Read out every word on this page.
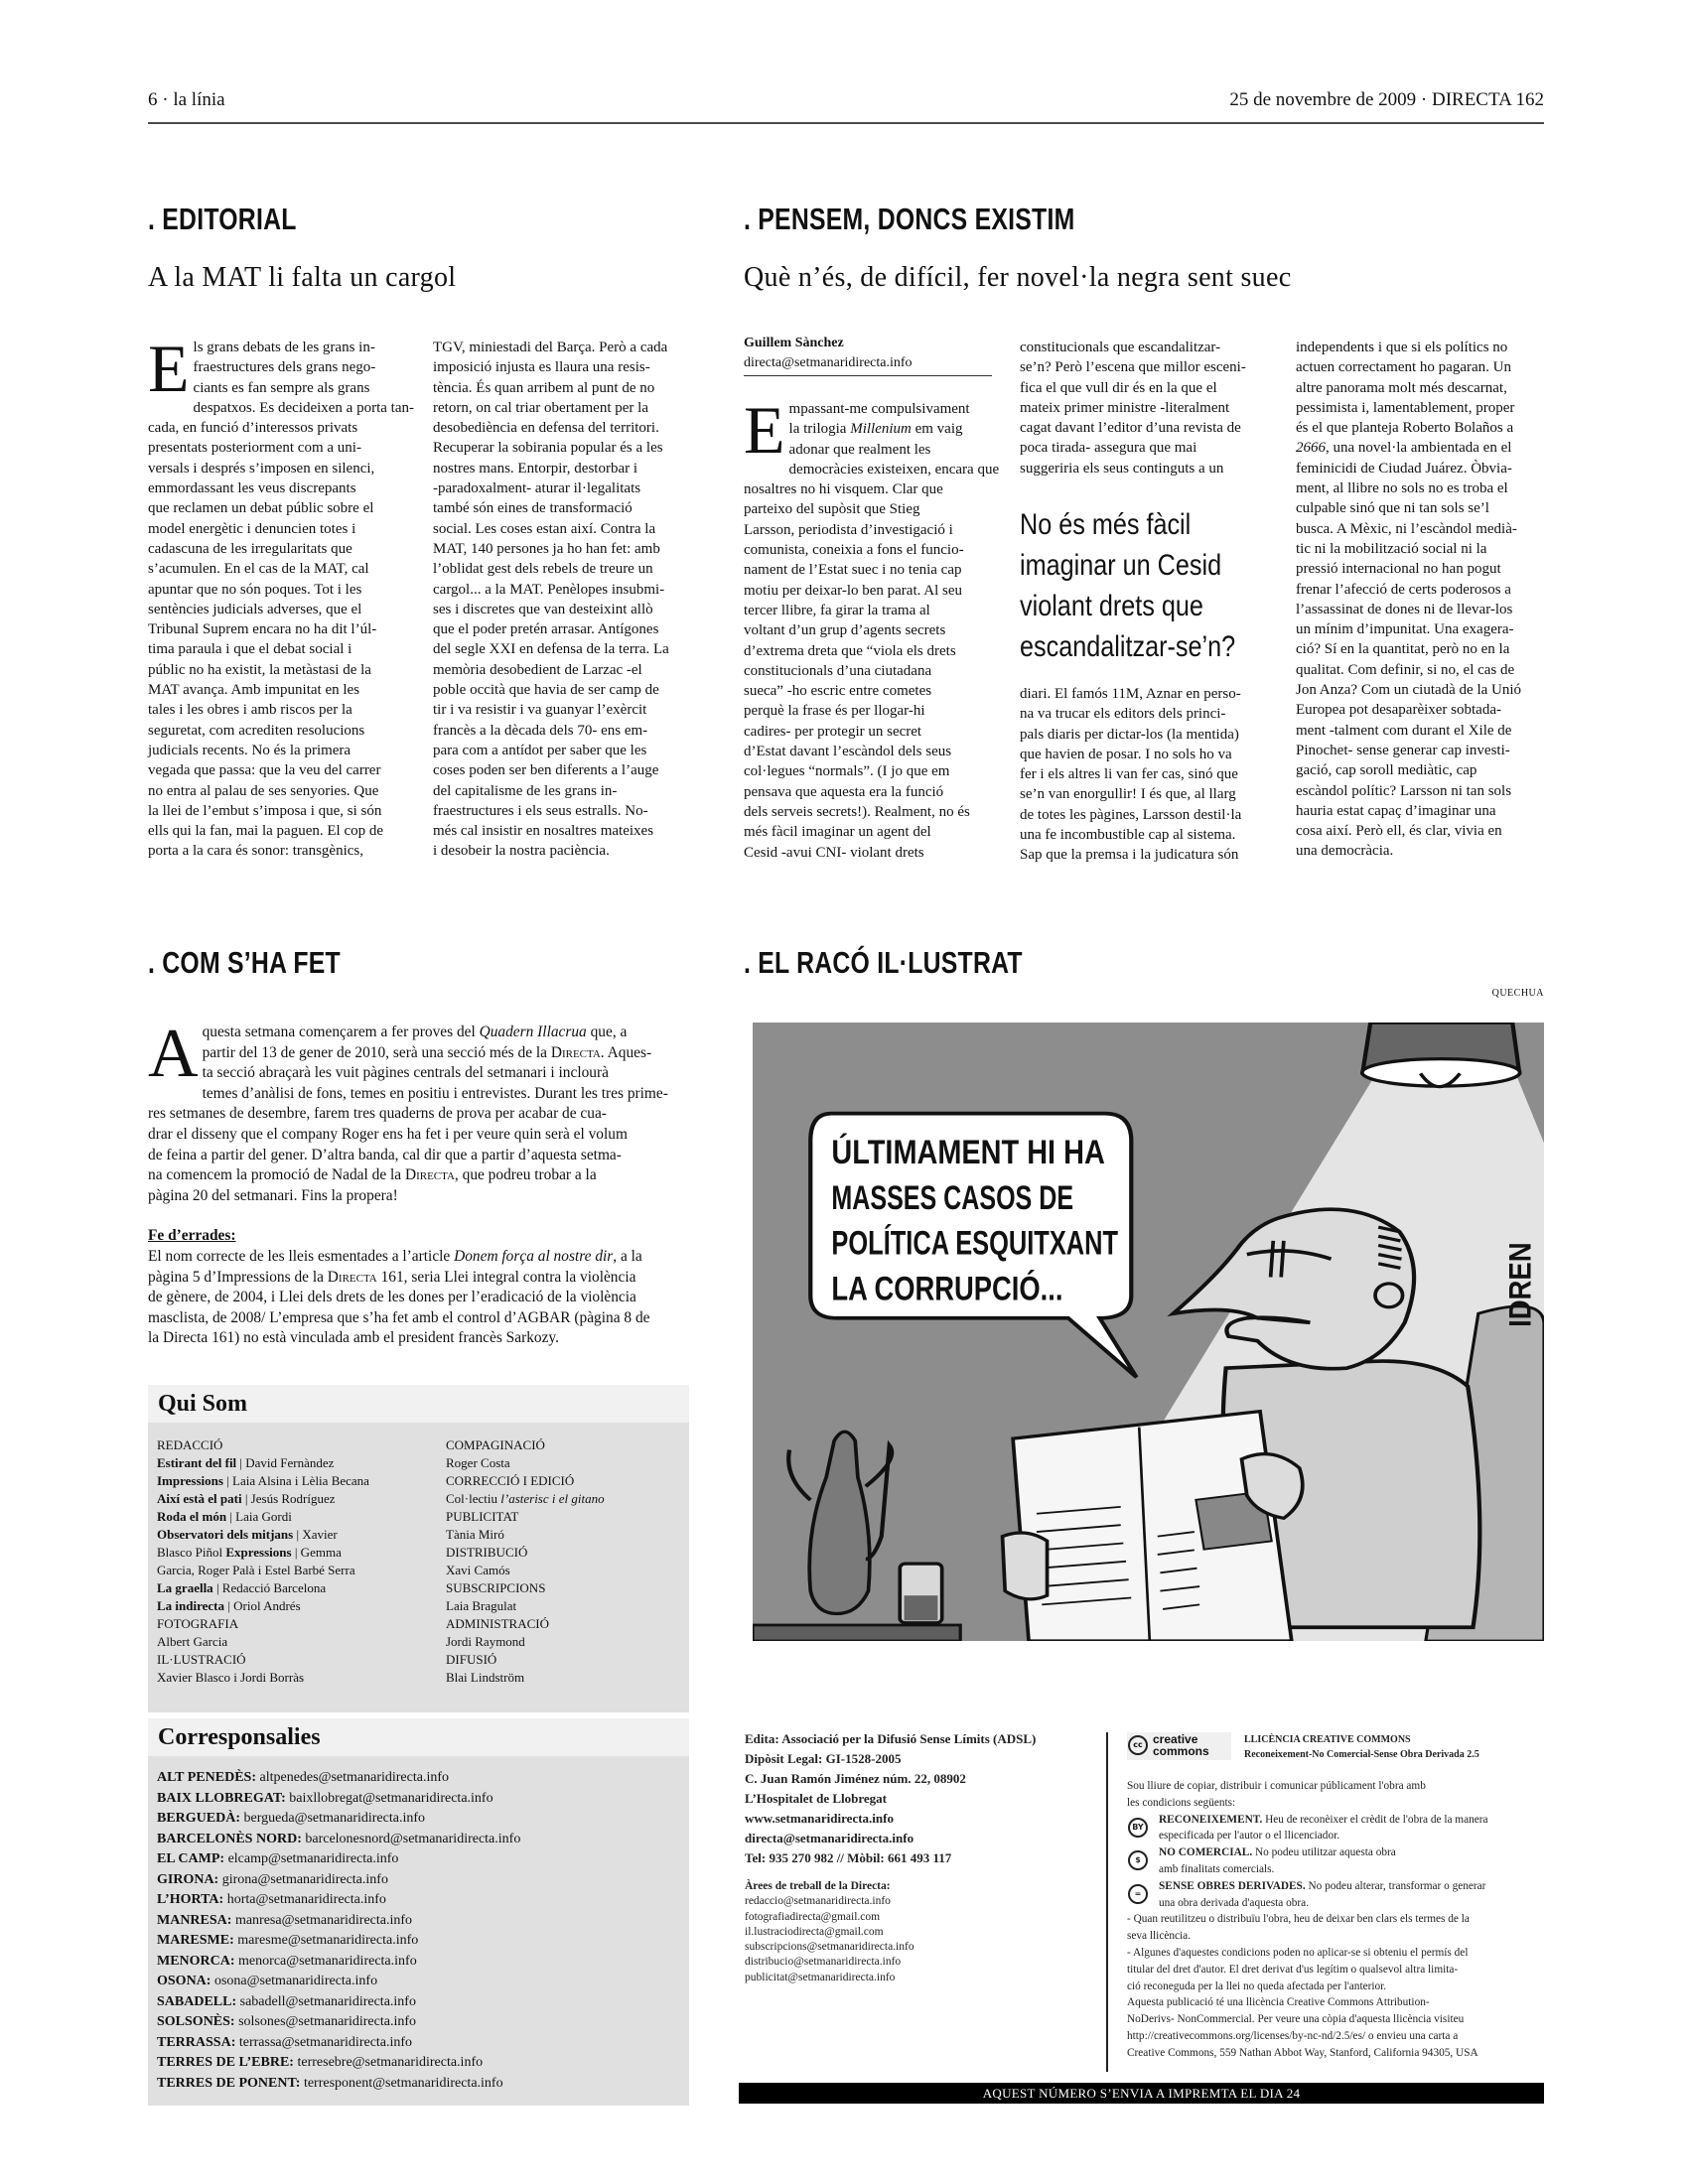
6 · la línia	25 de novembre de 2009 · DIRECTA 162
. EDITORIAL
A la MAT li falta un cargol
E ls grans debats de les grans in-
fraestructures dels grans nego-
ciants es fan sempre als grans
despatxos. Es decideixen a porta tan-
cada, en funció d’interessos privats
presentats posteriorment com a uni-
versals i després s’imposen en silenci,
emmordassant les veus discrepants
que reclamen un debat públic sobre el
model energètic i denuncien totes i
cadascuna de les irregularitats que
s’acumulen. En el cas de la MAT, cal
apuntar que no són poques. Tot i les
sentències judicials adverses, que el
Tribunal Suprem encara no ha dit l’úl-
tima paraula i que el debat social i
públic no ha existit, la metàstasi de la
MAT avança. Amb impunitat en les
tales i les obres i amb riscos per la
seguretat, com acrediten resolucions
judicials recents. No és la primera
vegada que passa: que la veu del carrer
no entra al palau de ses senyories. Que
la llei de l’embut s’imposa i que, si són
ells qui la fan, mai la paguen. El cop de
porta a la cara és sonor: transgènics,
TGV, miniestadi del Barça. Però a cada
imposició injusta es llaura una resis-
tència. És quan arribem al punt de no
retorn, on cal triar obertament per la
desobediència en defensa del territori.
Recuperar la sobirania popular és a les
nostres mans. Entorpir, destorbar i
-paradoxalment- aturar il·legalitats
també són eines de transformació
social. Les coses estan així. Contra la
MAT, 140 persones ja ho han fet: amb
l’oblidat gest dels rebels de treure un
cargol... a la MAT. Penèlopes insubmi-
ses i discretes que van desteixint allò
que el poder pretén arrasar. Antígones
del segle XXI en defensa de la terra. La
memòria desobedient de Larzac -el
poble occità que havia de ser camp de
tir i va resistir i va guanyar l’exèrcit
francès a la dècada dels 70- ens em-
para com a antídot per saber que les
coses poden ser ben diferents a l’auge
del capitalisme de les grans in-
fraestructures i els seus estralls. No-
més cal insistir en nosaltres mateixes
i desobeir la nostra paciència.
. PENSEM, DONCS EXISTIM
Què n’és, de difícil, fer novel·la negra sent suec
Guillem Sànchez
directa@setmanaridirecta.info
E mpassant-me compulsivament
la trilogia Millenium em vaig
adonar que realment les
democràcies existeixen, encara que
nosaltres no hi visquem. Clar que
parteixo del supòsit que Stieg
Larsson, periodista d’investigació i
comunista, coneixia a fons el funcio-
nament de l’Estat suec i no tenia cap
motiu per deixar-lo ben parat. Al seu
tercer llibre, fa girar la trama al
voltant d’un grup d’agents secrets
d’extrema dreta que “viola els drets
constitucionals d’una ciutadana
sueca” -ho escric entre cometes
perquè la frase és per llogar-hi
cadires- per protegir un secret
d’Estat davant l’escàndol dels seus
col·legues “normals”. (I jo que em
pensava que aquesta era la funció
dels serveis secrets!). Realment, no és
més fàcil imaginar un agent del
Cesid -avui CNI- violant drets
constitucionals que escandalitzar-
se’n? Però l’escena que millor esceni-
fica el que vull dir és en la que el
mateix primer ministre -literalment
cagat davant l’editor d’una revista de
poca tirada- assegura que mai
suggeriria els seus continguts a un
No és més fàcil
imaginar un Cesid
violant drets que
escandalitzar-se’n?
diari. El famós 11M, Aznar en perso-
na va trucar els editors dels princi-
pals diaris per dictar-los (la mentida)
que havien de posar. I no sols ho va
fer i els altres li van fer cas, sinó que
se’n van enorgullir! I és que, al llarg
de totes les pàgines, Larsson destil·la
una fe incombustible cap al sistema.
Sap que la premsa i la judicatura són
independents i que si els polítics no
actuen correctament ho pagaran. Un
altre panorama molt més descarnat,
pessimista i, lamentablement, proper
és el que planteja Roberto Bolaños a
2666, una novel·la ambientada en el
feminicidi de Ciudad Juárez. Òbvia-
ment, al llibre no sols no es troba el
culpable sinó que ni tan sols se’l
busca. A Mèxic, ni l’escàndol medià-
tic ni la mobilització social ni la
pressió internacional no han pogut
frenar l’afecció de certs poderosos a
l’assassinat de dones ni de llevar-los
un mínim d’impunitat. Una exagera-
ció? Sí en la quantitat, però no en la
qualitat. Com definir, si no, el cas de
Jon Anza? Com un ciutadà de la Unió
Europea pot desaparèixer sobtada-
ment -talment com durant el Xile de
Pinochet- sense generar cap investi-
gació, cap soroll mediàtic, cap
escàndol polític? Larsson ni tan sols
hauria estat capaç d’imaginar una
cosa així. Però ell, és clar, vivia en
una democràcia.
. COM S’HA FET
A questa setmana començarem a fer proves del Quadern Illacrua que, a
partir del 13 de gener de 2010, serà una secció més de la Directa. Aques-
ta secció abraçarà les vuit pàgines centrals del setmanari i inclourà
temes d’anàlisi de fons, temes en positiu i entrevistes. Durant les tres prime-
res setmanes de desembre, farem tres quaderns de prova per acabar de cua-
drar el disseny que el company Roger ens ha fet i per veure quin serà el volum
de feina a partir del gener. D’altra banda, cal dir que a partir d’aquesta setma-
na comencem la promoció de Nadal de la Directa, que podreu trobar a la
pàgina 20 del setmanari. Fins la propera!
Fe d’errades:
El nom correcte de les lleis esmentades a l’article Donem força al nostre dir, a la
pàgina 5 d’Impressions de la Directa 161, seria Llei integral contra la violència
de gènere, de 2004, i Llei dels drets de les dones per l’eradicació de la violència
masclista, de 2008/ L’empresa que s’ha fet amb el control d’AGBAR (pàgina 8 de
la Directa 161) no està vinculada amb el president francès Sarkozy.
Qui Som
REDACCIÓ
Estirant del fil | David Fernàndez
Impressions | Laia Alsina i Lèlia Becana
Així està el pati | Jesús Rodríguez
Roda el món | Laia Gordi
Observatori dels mitjans | Xavier
Blasco Piñol Expressions | Gemma
Garcia, Roger Palà i Estel Barbé Serra
La graella | Redacció Barcelona
La indirecta | Oriol Andrés
FOTOGRAFIA
Albert Garcia
IL·LUSTRACIÓ
Xavier Blasco i Jordi Borràs
COMPAGINACIÓ
Roger Costa
CORRECCIÓ I EDICIÓ
Col·lectiu l’asterisc i el gitano
PUBLICITAT
Tània Miró
DISTRIBUCIÓ
Xavi Camós
SUBSCRIPCIONS
Laia Bragulat
ADMINISTRACIÓ
Jordi Raymond
DIFUSIÓ
Blai Lindström
Corresponsalies
ALT PENEDÈS: altpenedes@setmanaridirecta.info
BAIX LLOBREGAT: baixllobregat@setmanaridirecta.info
BERGUEDÀ: bergueda@setmanaridirecta.info
BARCELONÈS NORD: barcelonesnord@setmanaridirecta.info
EL CAMP: elcamp@setmanaridirecta.info
GIRONA: girona@setmanaridirecta.info
L’HORTA: horta@setmanaridirecta.info
MANRESA: manresa@setmanaridirecta.info
MARESME: maresme@setmanaridirecta.info
MENORCA: menorca@setmanaridirecta.info
OSONA: osona@setmanaridirecta.info
SABADELL: sabadell@setmanaridirecta.info
SOLSONÈS: solsones@setmanaridirecta.info
TERRASSA: terrassa@setmanaridirecta.info
TERRES DE L’EBRE: terresebre@setmanaridirecta.info
TERRES DE PONENT: terresponent@setmanaridirecta.info
. EL RACÓ IL·LUSTRAT
QUECHUA
ÚLTIMAMENT HI HA
MASSES CASOS DE
POLÍTICA ESQUITXANT
LA CORRUPCIÓ...	IDREN
Edita: Associació per la Difusió Sense Límits (ADSL)
Dipòsit Legal: GI-1528-2005
C. Juan Ramón Jiménez núm. 22, 08902
L’Hospitalet de Llobregat
www.setmanaridirecta.info
directa@setmanaridirecta.info
Tel: 935 270 982 // Mòbil: 661 493 117
Àrees de treball de la Directa:
redaccio@setmanaridirecta.info
fotografiadirecta@gmail.com
il.lustraciodirecta@gmail.com
subscripcions@setmanaridirecta.info
distribucio@setmanaridirecta.info
publicitat@setmanaridirecta.info
cc creative commons
LLICÈNCIA CREATIVE COMMONS
Reconeixement-No Comercial-Sense Obra Derivada 2.5
Sou lliure de copiar, distribuir i comunicar públicament l'obra amb
les condicions següents:
BY
RECONEIXEMENT. Heu de reconèixer el crèdit de l'obra de la manera
especificada per l'autor o el llicenciador.
$
NO COMERCIAL. No podeu utilitzar aquesta obra
amb finalitats comercials.
=
SENSE OBRES DERIVADES. No podeu alterar, transformar o generar
una obra derivada d'aquesta obra.
- Quan reutilitzeu o distribuïu l'obra, heu de deixar ben clars els termes de la
seva llicència.
- Algunes d'aquestes condicions poden no aplicar-se si obteniu el permís del
titular del dret d'autor. El dret derivat d'us legítim o qualsevol altra limita-
ció reconeguda per la llei no queda afectada per l'anterior.
Aquesta publicació té una llicència Creative Commons Attribution-
NoDerivs- NonCommercial. Per veure una còpia d'aquesta llicència visiteu
http://creativecommons.org/licenses/by-nc-nd/2.5/es/ o envieu una carta a
Creative Commons, 559 Nathan Abbot Way, Stanford, California 94305, USA
AQUEST NÚMERO S’ENVIA A IMPREMTA EL DIA 24
